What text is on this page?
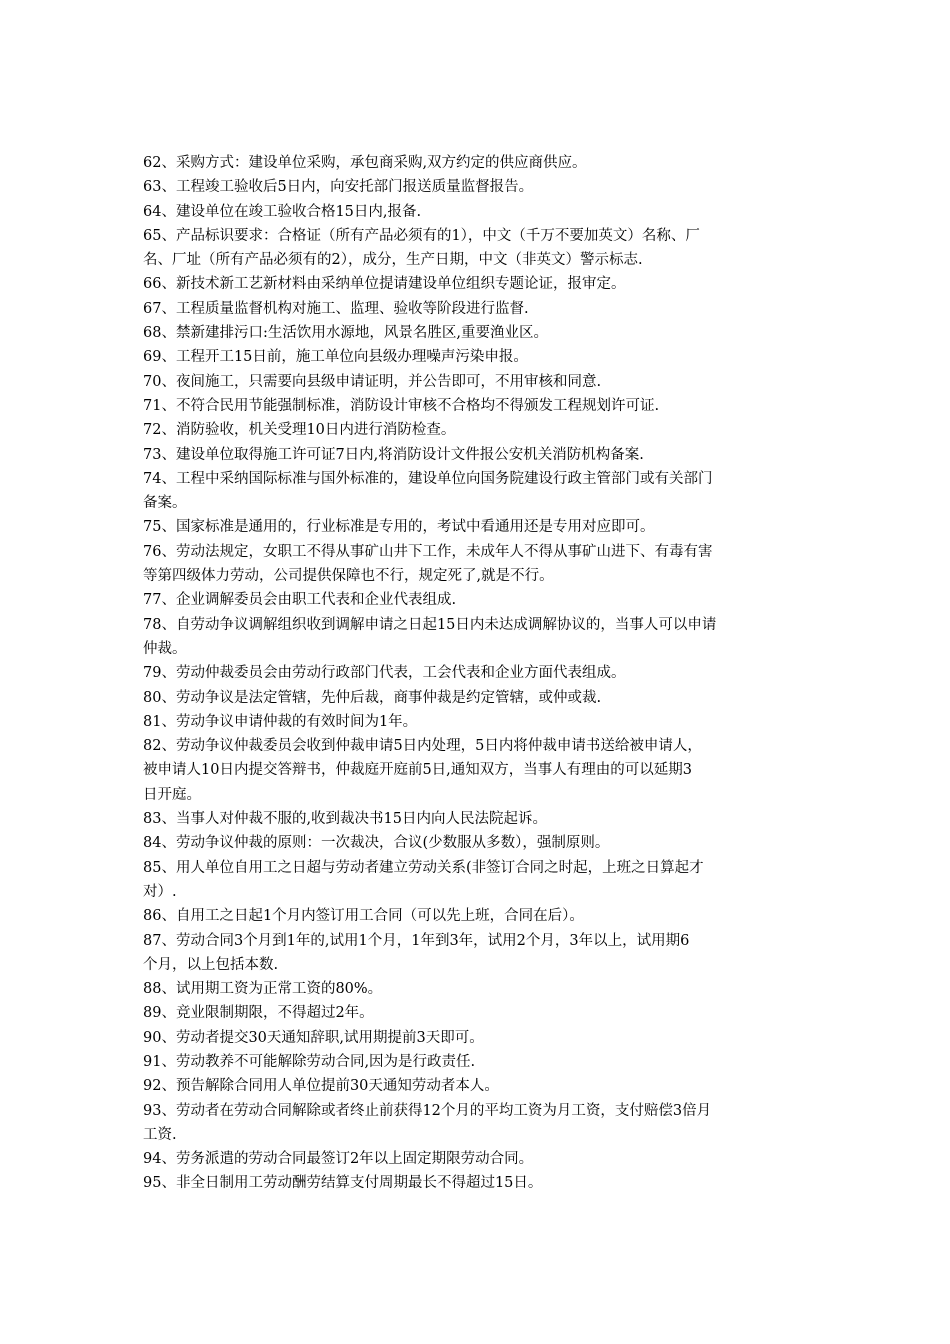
62、采购方式：建设单位采购，承包商采购,双方约定的供应商供应。
63、工程竣工验收后5日内，向安托部门报送质量监督报告。
64、建设单位在竣工验收合格15日内,报备.
65、产品标识要求：合格证（所有产品必须有的1），中文（千万不要加英文）名称、厂
名、厂址（所有产品必须有的2），成分，生产日期，中文（非英文）警示标志.
66、新技术新工艺新材料由采纳单位提请建设单位组织专题论证，报审定。
67、工程质量监督机构对施工、监理、验收等阶段进行监督.
68、禁新建排污口:生活饮用水源地，风景名胜区,重要渔业区。
69、工程开工15日前，施工单位向县级办理噪声污染申报。
70、夜间施工，只需要向县级申请证明，并公告即可，不用审核和同意.
71、不符合民用节能强制标准，消防设计审核不合格均不得颁发工程规划许可证.
72、消防验收，机关受理10日内进行消防检查。
73、建设单位取得施工许可证7日内,将消防设计文件报公安机关消防机构备案.
74、工程中采纳国际标准与国外标准的，建设单位向国务院建设行政主管部门或有关部门
备案。
75、国家标准是通用的，行业标准是专用的，考试中看通用还是专用对应即可。
76、劳动法规定，女职工不得从事矿山井下工作，未成年人不得从事矿山进下、有毒有害
等第四级体力劳动，公司提供保障也不行，规定死了,就是不行。
77、企业调解委员会由职工代表和企业代表组成.
78、自劳动争议调解组织收到调解申请之日起15日内未达成调解协议的，当事人可以申请
仲裁。
79、劳动仲裁委员会由劳动行政部门代表，工会代表和企业方面代表组成。
80、劳动争议是法定管辖，先仲后裁，商事仲裁是约定管辖，或仲或裁.
81、劳动争议申请仲裁的有效时间为1年。
82、劳动争议仲裁委员会收到仲裁申请5日内处理，5日内将仲裁申请书送给被申请人，
被申请人10日内提交答辩书，仲裁庭开庭前5日,通知双方，当事人有理由的可以延期3
日开庭。
83、当事人对仲裁不服的,收到裁决书15日内向人民法院起诉。
84、劳动争议仲裁的原则：一次裁决，合议(少数服从多数），强制原则。
85、用人单位自用工之日超与劳动者建立劳动关系(非签订合同之时起，上班之日算起才
对）.
86、自用工之日起1个月内签订用工合同（可以先上班，合同在后）。
87、劳动合同3个月到1年的,试用1个月，1年到3年，试用2个月，3年以上，试用期6
个月，以上包括本数.
88、试用期工资为正常工资的80%。
89、竞业限制期限，不得超过2年。
90、劳动者提交30天通知辞职,试用期提前3天即可。
91、劳动教养不可能解除劳动合同,因为是行政责任.
92、预告解除合同用人单位提前30天通知劳动者本人。
93、劳动者在劳动合同解除或者终止前获得12个月的平均工资为月工资，支付赔偿3倍月
工资.
94、劳务派遣的劳动合同最签订2年以上固定期限劳动合同。
95、非全日制用工劳动酬劳结算支付周期最长不得超过15日。
